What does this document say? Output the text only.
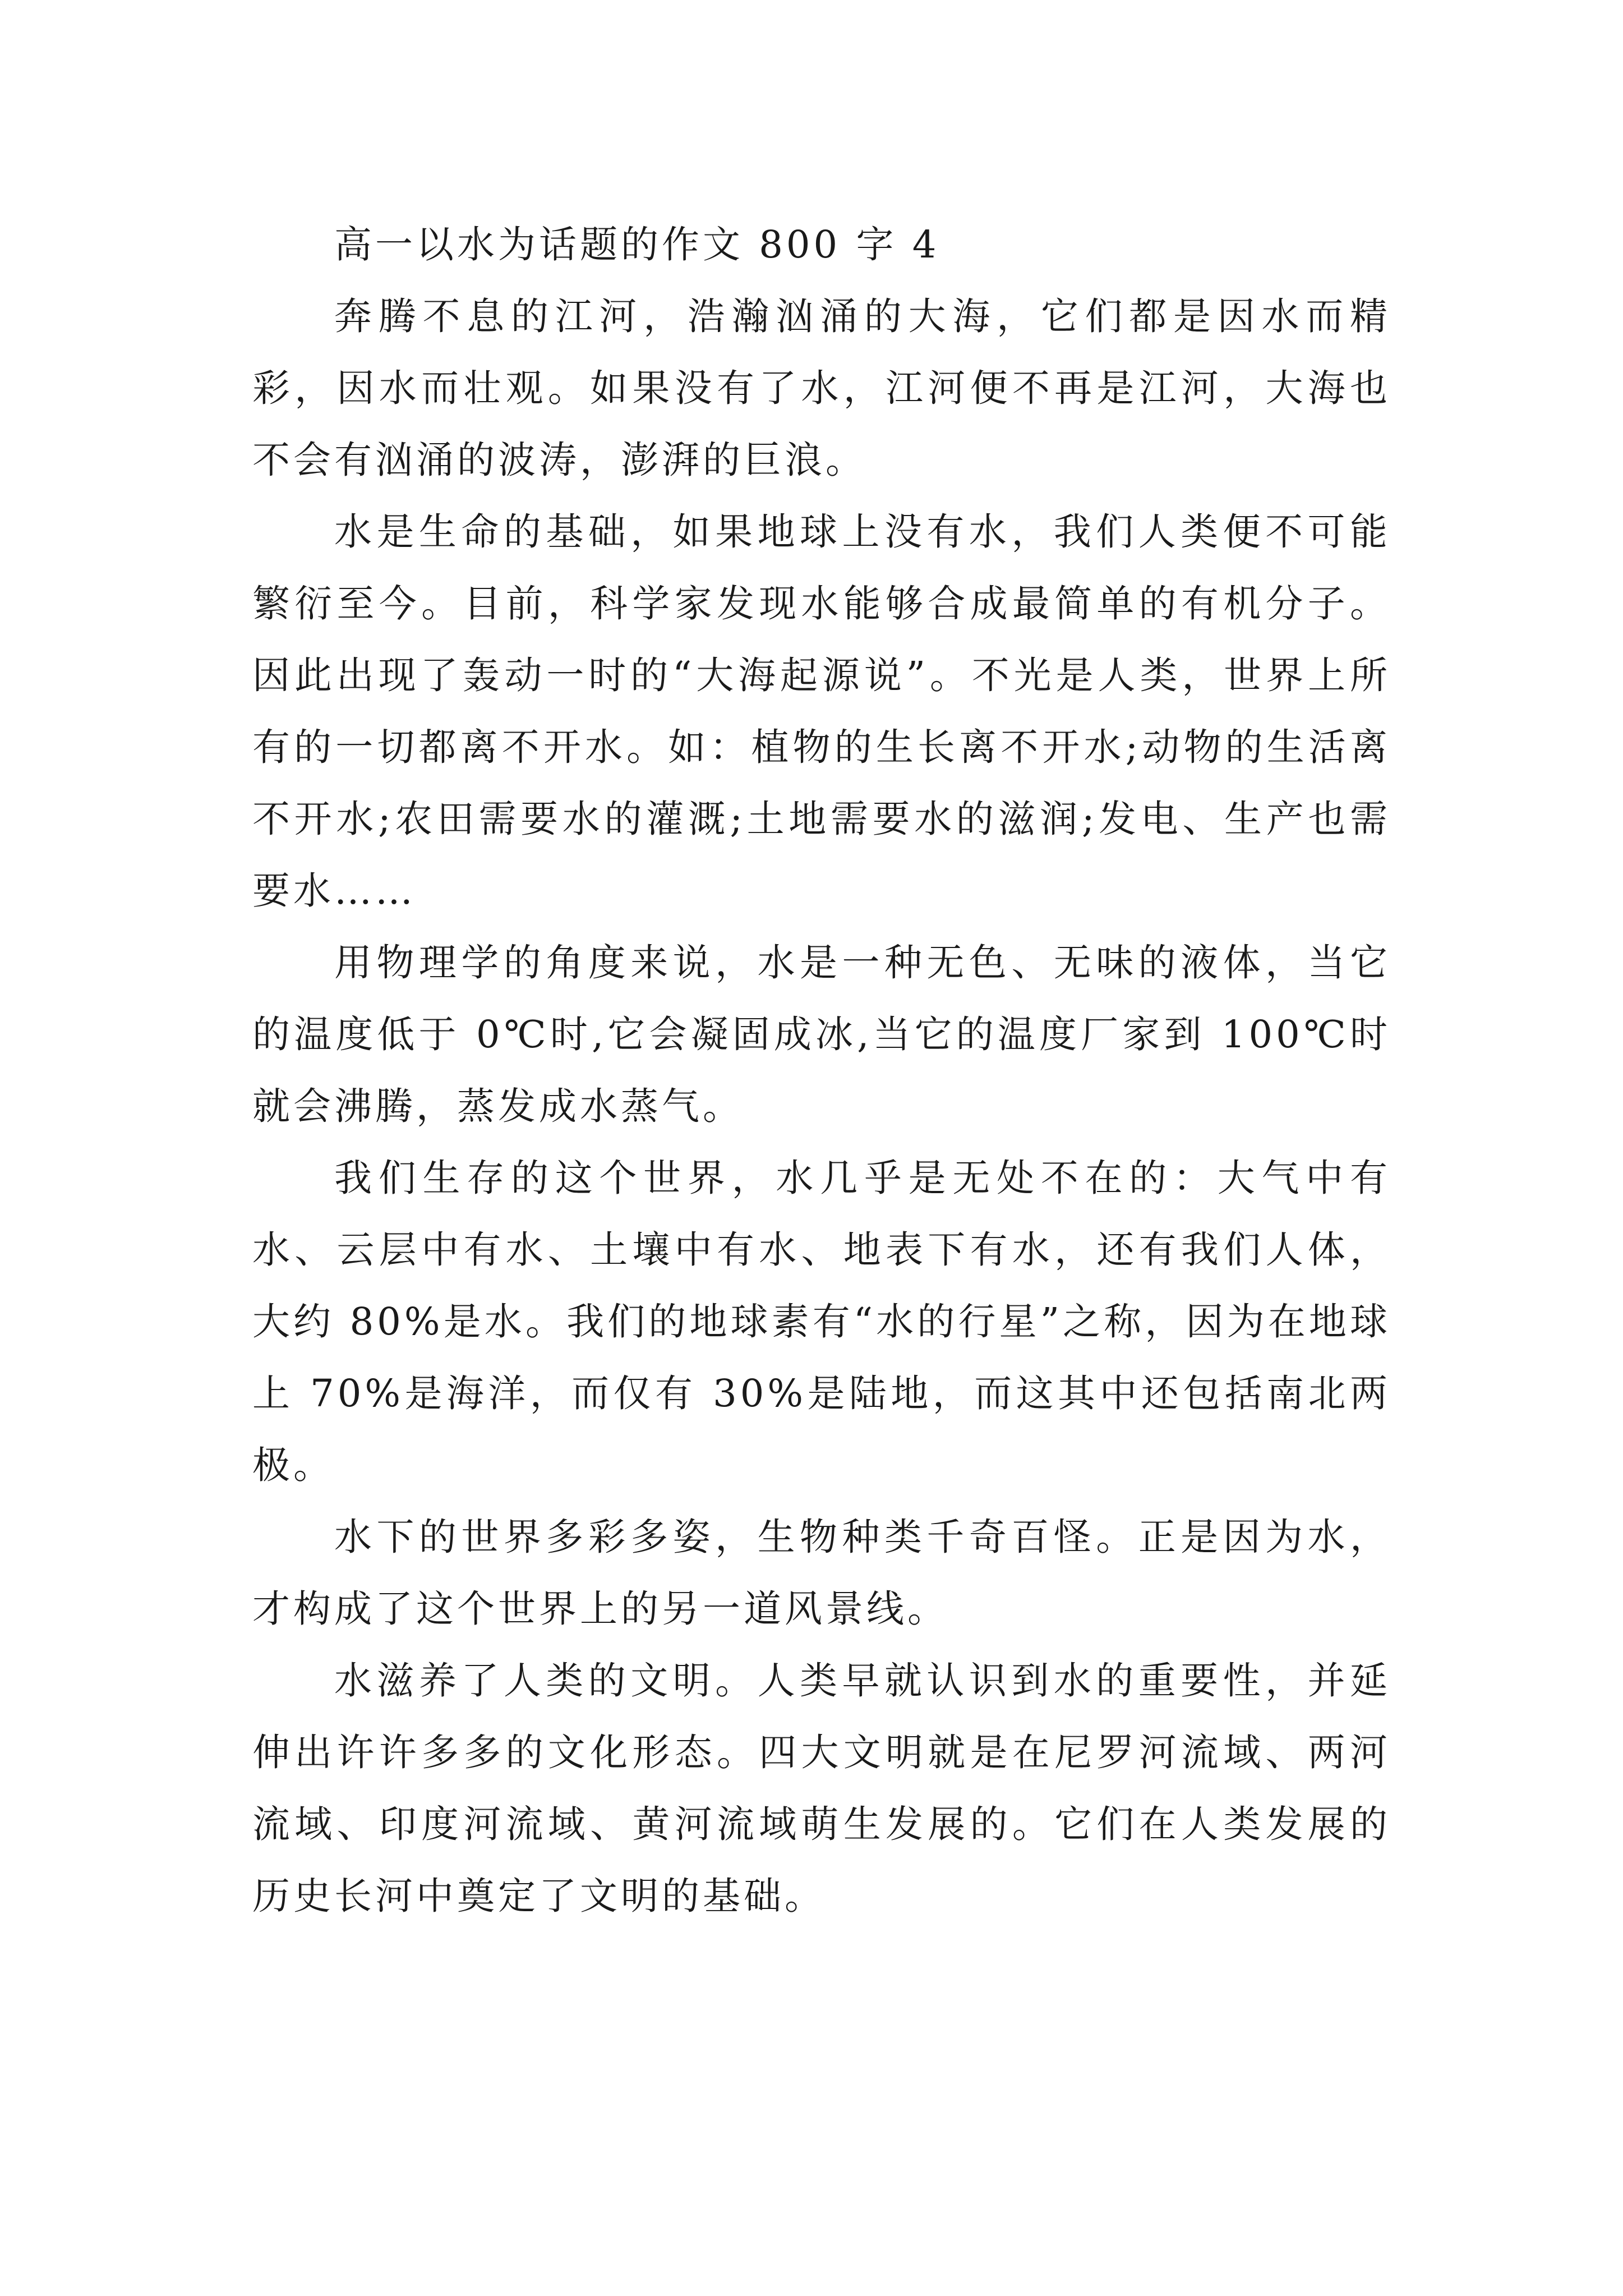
高一以水为话题的作文 800 字 4

奔腾不息的江河，浩瀚汹涌的大海，它们都是因水而精彩，因水而壮观。如果没有了水，江河便不再是江河，大海也不会有汹涌的波涛，澎湃的巨浪。

水是生命的基础，如果地球上没有水，我们人类便不可能繁衍至今。目前，科学家发现水能够合成最简单的有机分子。因此出现了轰动一时的“大海起源说”。不光是人类，世界上所有的一切都离不开水。如：植物的生长离不开水;动物的生活离不开水;农田需要水的灌溉;土地需要水的滋润;发电、生产也需要水……

用物理学的角度来说，水是一种无色、无味的液体，当它的温度低于 0℃时,它会凝固成冰,当它的温度厂家到 100℃时就会沸腾，蒸发成水蒸气。

我们生存的这个世界，水几乎是无处不在的：大气中有水、云层中有水、土壤中有水、地表下有水，还有我们人体，大约 80%是水。我们的地球素有“水的行星”之称，因为在地球上 70%是海洋，而仅有 30%是陆地，而这其中还包括南北两极。

水下的世界多彩多姿，生物种类千奇百怪。正是因为水，才构成了这个世界上的另一道风景线。

水滋养了人类的文明。人类早就认识到水的重要性，并延伸出许许多多的文化形态。四大文明就是在尼罗河流域、两河流域、印度河流域、黄河流域萌生发展的。它们在人类发展的历史长河中奠定了文明的基础。
